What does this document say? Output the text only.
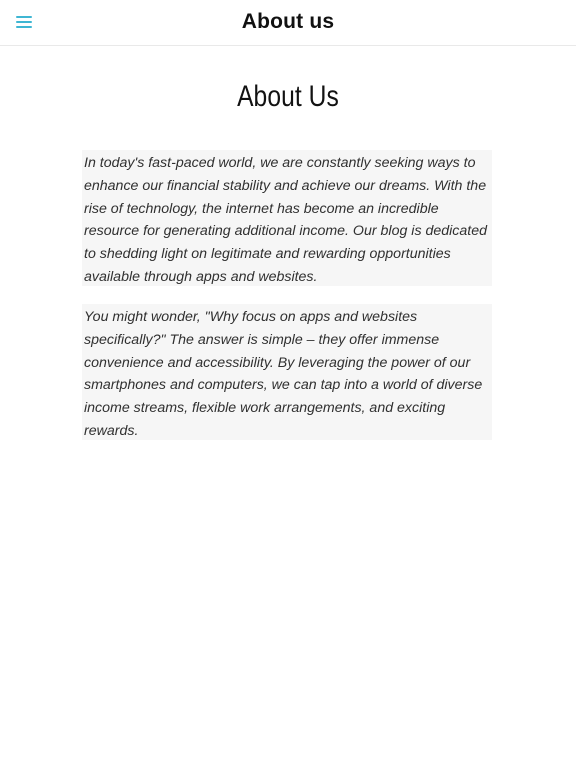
About us
About Us
In today's fast-paced world, we are constantly seeking ways to enhance our financial stability and achieve our dreams. With the rise of technology, the internet has become an incredible resource for generating additional income. Our blog is dedicated to shedding light on legitimate and rewarding opportunities available through apps and websites.
You might wonder, "Why focus on apps and websites specifically?" The answer is simple – they offer immense convenience and accessibility. By leveraging the power of our smartphones and computers, we can tap into a world of diverse income streams, flexible work arrangements, and exciting rewards.
